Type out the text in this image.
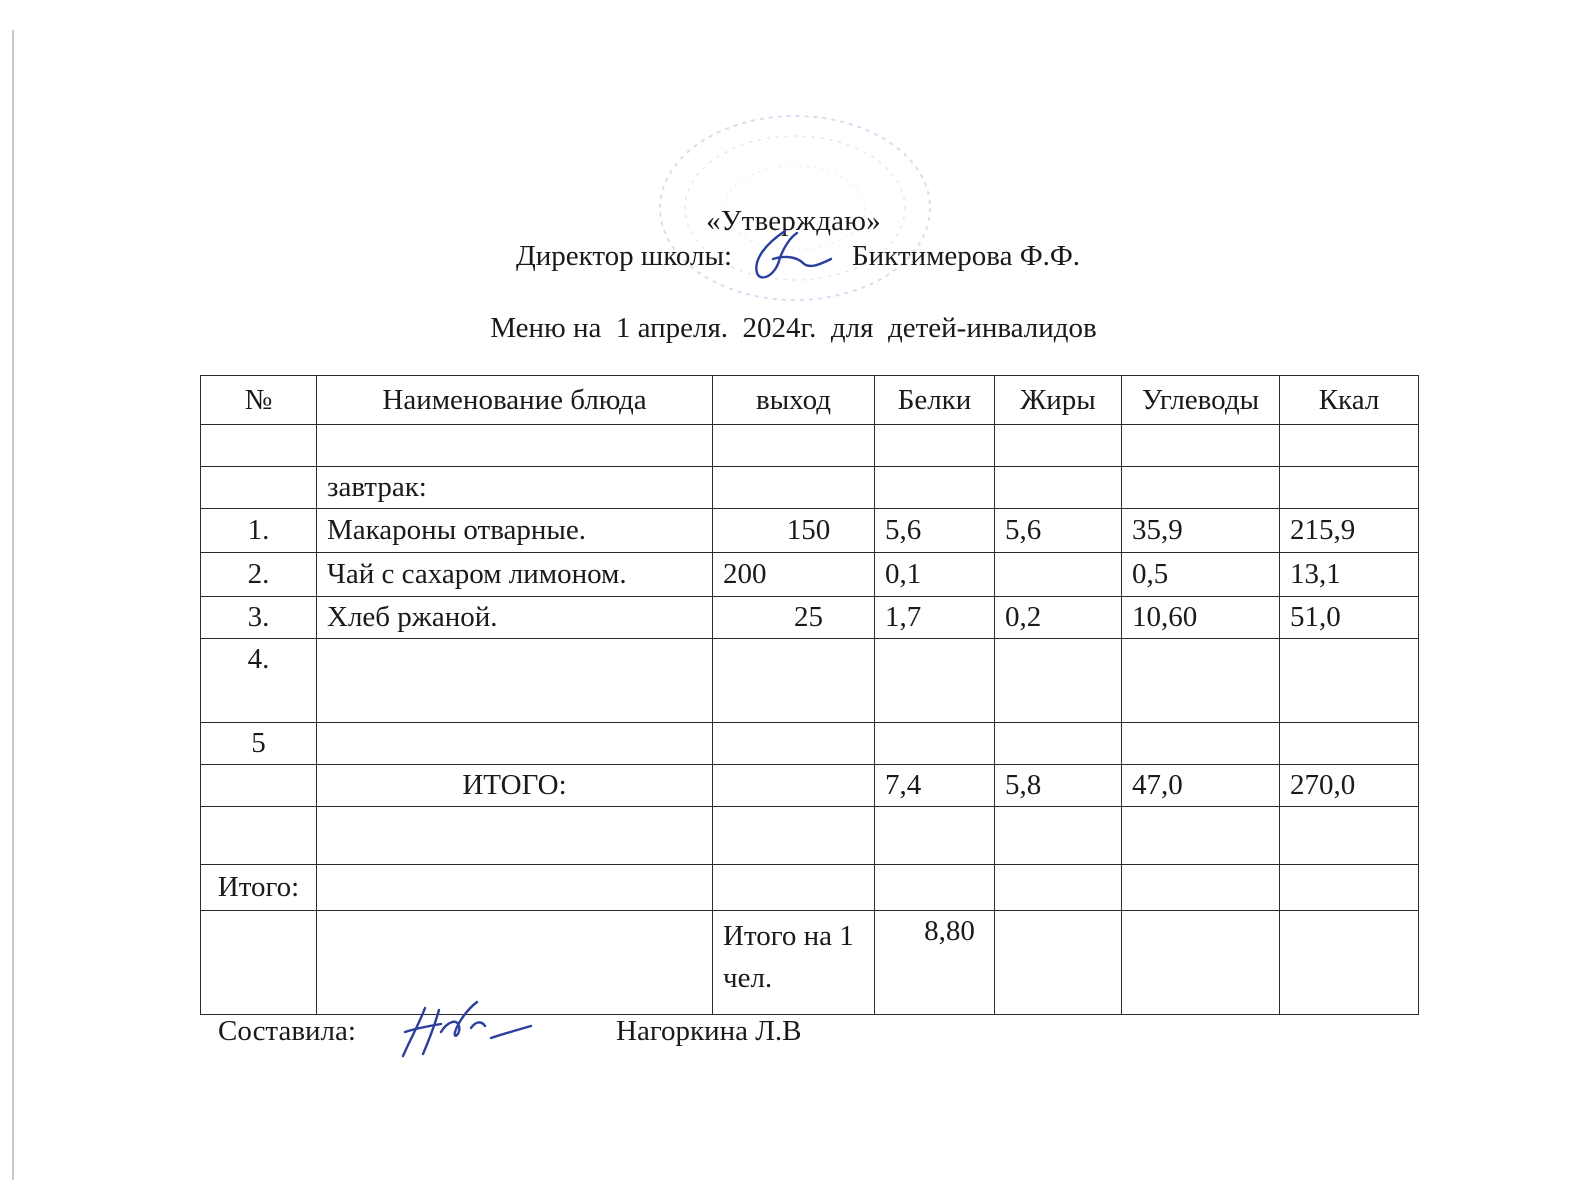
«Утверждаю»
Директор школы:	Биктимерова Ф.Ф.
Меню на  1 апреля.  2024г.  для  детей-инвалидов
№	Наименование блюда	выход	Белки	Жиры	Углеводы	Ккал

	завтрак:					
1.	Макароны отварные.	150	5,6	5,6	35,9	215,9
2.	Чай с сахаром лимоном.	200	0,1		0,5	13,1
3.	Хлеб ржаной.	25	1,7	0,2	10,60	51,0
4.						
5						
	ИТОГО:		7,4	5,8	47,0	270,0

Итого:						
		Итого на 1 чел.	8,80			
Составила:	Нагоркина Л.В
